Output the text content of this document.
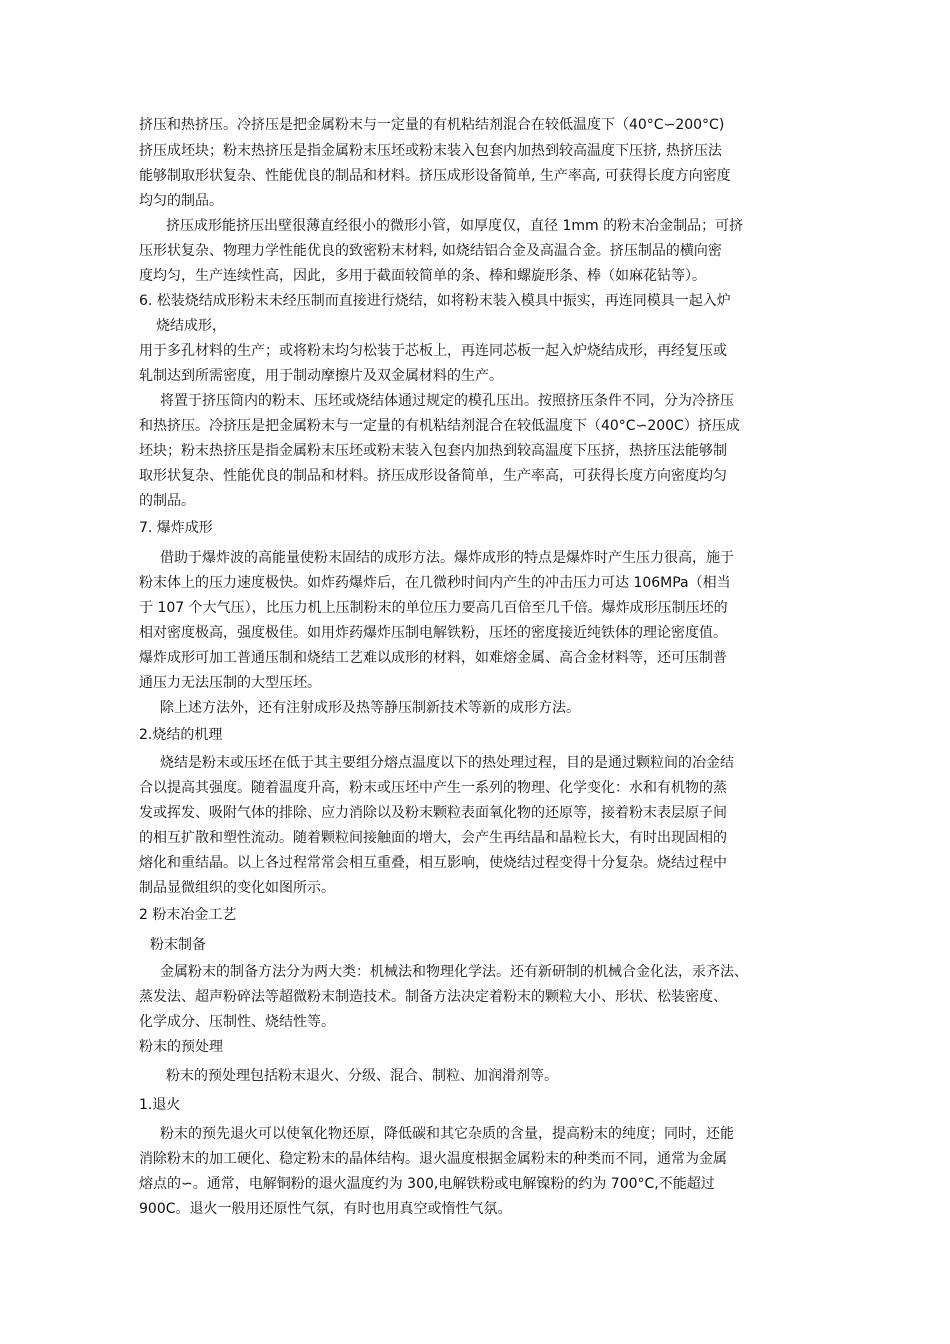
挤压和热挤压。冷挤压是把金属粉末与一定量的有机粘结剂混合在较低温度下（40°C∽200°C)
挤压成坯块；粉末热挤压是指金属粉末压坯或粉末装入包套内加热到较高温度下压挤, 热挤压法
能够制取形状复杂、性能优良的制品和材料。挤压成形设备简单, 生产率高, 可获得长度方向密度
均匀的制品。
挤压成形能挤压出壁很薄直经很小的微形小管，如厚度仅，直径 1mm 的粉末冶金制品；可挤
压形状复杂、物理力学性能优良的致密粉末材料, 如烧结铝合金及高温合金。挤压制品的横向密
度均匀，生产连续性高，因此，多用于截面较简单的条、棒和螺旋形条、棒（如麻花钻等）。
6. 松装烧结成形粉末未经压制而直接进行烧结，如将粉末装入模具中振实，再连同模具一起入炉
烧结成形，
用于多孔材料的生产；或将粉末均匀松装于芯板上，再连同芯板一起入炉烧结成形，再经复压或
轧制达到所需密度，用于制动摩擦片及双金属材料的生产。
将置于挤压筒内的粉末、压坯或烧结体通过规定的模孔压出。按照挤压条件不同，分为冷挤压
和热挤压。冷挤压是把金属粉末与一定量的有机粘结剂混合在较低温度下（40°C∽200C）挤压成
坯块；粉末热挤压是指金属粉末压坯或粉末装入包套内加热到较高温度下压挤，热挤压法能够制
取形状复杂、性能优良的制品和材料。挤压成形设备简单，生产率高，可获得长度方向密度均匀
的制品。
7. 爆炸成形
借助于爆炸波的高能量使粉末固结的成形方法。爆炸成形的特点是爆炸时产生压力很高，施于
粉末体上的压力速度极快。如炸药爆炸后，在几微秒时间内产生的冲击压力可达 106MPa（相当
于 107 个大气压），比压力机上压制粉末的单位压力要高几百倍至几千倍。爆炸成形压制压坯的
相对密度极高，强度极佳。如用炸药爆炸压制电解铁粉，压坯的密度接近纯铁体的理论密度值。
爆炸成形可加工普通压制和烧结工艺难以成形的材料，如难熔金属、高合金材料等，还可压制普
通压力无法压制的大型压坯。
除上述方法外，还有注射成形及热等静压制新技术等新的成形方法。
2.烧结的机理
烧结是粉末或压坯在低于其主要组分熔点温度以下的热处理过程，目的是通过颗粒间的冶金结
合以提高其强度。随着温度升高，粉末或压坯中产生一系列的物理、化学变化：水和有机物的蒸
发或挥发、吸附气体的排除、应力消除以及粉末颗粒表面氧化物的还原等，接着粉末表层原子间
的相互扩散和塑性流动。随着颗粒间接触面的增大，会产生再结晶和晶粒长大，有时出现固相的
熔化和重结晶。以上各过程常常会相互重叠，相互影响，使烧结过程变得十分复杂。烧结过程中
制品显微组织的变化如图所示。
2 粉末冶金工艺
粉末制备
金属粉末的制备方法分为两大类：机械法和物理化学法。还有新研制的机械合金化法，汞齐法、
蒸发法、超声粉碎法等超微粉末制造技术。制备方法决定着粉末的颗粒大小、形状、松装密度、
化学成分、压制性、烧结性等。
粉末的预处理
粉末的预处理包括粉末退火、分级、混合、制粒、加润滑剂等。
1.退火
粉末的预先退火可以使氧化物还原，降低碳和其它杂质的含量，提高粉末的纯度；同时，还能
消除粉末的加工硬化、稳定粉末的晶体结构。退火温度根据金属粉末的种类而不同，通常为金属
熔点的∽。通常，电解铜粉的退火温度约为 300,电解铁粉或电解镍粉的约为 700°C,不能超过
900C。退火一般用还原性气氛，有时也用真空或惰性气氛。
